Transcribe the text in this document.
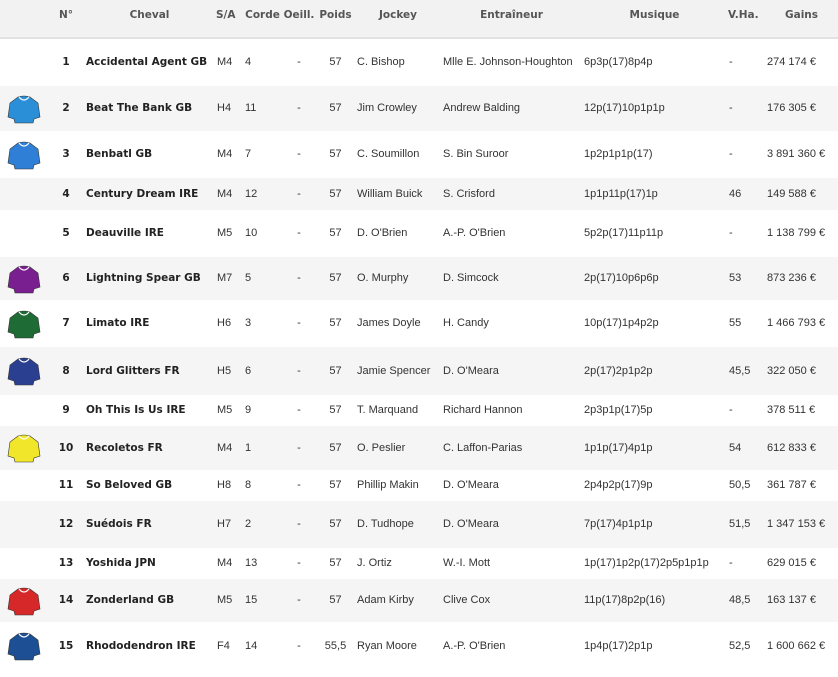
	N°	Cheval	S/A	Corde	Oeill.	Poids	Jockey	Entraîneur	Musique	V.Ha.	Gains
	1	Accidental Agent GB	M4	4	-	57	C. Bishop	Mlle E. Johnson-Houghton	6p3p(17)8p4p	-	274 174 €
	2	Beat The Bank GB	H4	11	-	57	Jim Crowley	Andrew Balding	12p(17)10p1p1p	-	176 305 €
	3	Benbatl GB	M4	7	-	57	C. Soumillon	S. Bin Suroor	1p2p1p1p(17)	-	3 891 360 €
	4	Century Dream IRE	M4	12	-	57	William Buick	S. Crisford	1p1p11p(17)1p	46	149 588 €
	5	Deauville IRE	M5	10	-	57	D. O'Brien	A.-P. O'Brien	5p2p(17)11p11p	-	1 138 799 €
	6	Lightning Spear GB	M7	5	-	57	O. Murphy	D. Simcock	2p(17)10p6p6p	53	873 236 €
	7	Limato IRE	H6	3	-	57	James Doyle	H. Candy	10p(17)1p4p2p	55	1 466 793 €
	8	Lord Glitters FR	H5	6	-	57	Jamie Spencer	D. O'Meara	2p(17)2p1p2p	45,5	322 050 €
	9	Oh This Is Us IRE	M5	9	-	57	T. Marquand	Richard Hannon	2p3p1p(17)5p	-	378 511 €
	10	Recoletos FR	M4	1	-	57	O. Peslier	C. Laffon-Parias	1p1p(17)4p1p	54	612 833 €
	11	So Beloved GB	H8	8	-	57	Phillip Makin	D. O'Meara	2p4p2p(17)9p	50,5	361 787 €
	12	Suédois FR	H7	2	-	57	D. Tudhope	D. O'Meara	7p(17)4p1p1p	51,5	1 347 153 €
	13	Yoshida JPN	M4	13	-	57	J. Ortiz	W.-I. Mott	1p(17)1p2p(17)2p5p1p1p	-	629 015 €
	14	Zonderland GB	M5	15	-	57	Adam Kirby	Clive Cox	11p(17)8p2p(16)	48,5	163 137 €
	15	Rhododendron IRE	F4	14	-	55,5	Ryan Moore	A.-P. O'Brien	1p4p(17)2p1p	52,5	1 600 662 €
